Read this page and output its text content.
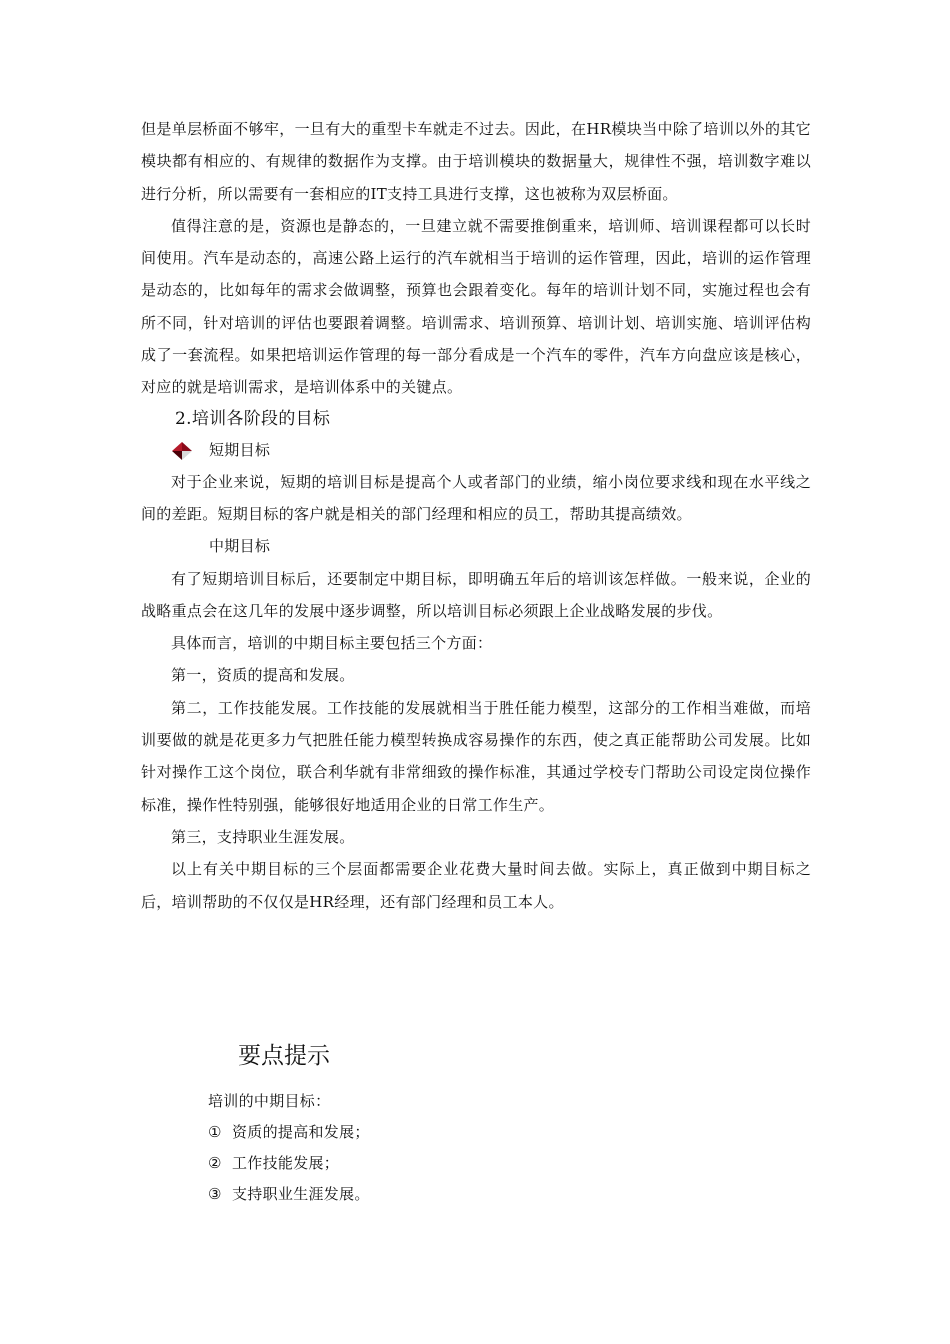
但是单层桥面不够牢，一旦有大的重型卡车就走不过去。因此，在HR模块当中除了培训以外的其它模块都有相应的、有规律的数据作为支撑。由于培训模块的数据量大，规律性不强，培训数字难以进行分析，所以需要有一套相应的IT支持工具进行支撑，这也被称为双层桥面。

值得注意的是，资源也是静态的，一旦建立就不需要推倒重来，培训师、培训课程都可以长时间使用。汽车是动态的，高速公路上运行的汽车就相当于培训的运作管理，因此，培训的运作管理是动态的，比如每年的需求会做调整，预算也会跟着变化。每年的培训计划不同，实施过程也会有所不同，针对培训的评估也要跟着调整。培训需求、培训预算、培训计划、培训实施、培训评估构成了一套流程。如果把培训运作管理的每一部分看成是一个汽车的零件，汽车方向盘应该是核心，对应的就是培训需求，是培训体系中的关键点。

2.培训各阶段的目标

短期目标

对于企业来说，短期的培训目标是提高个人或者部门的业绩，缩小岗位要求线和现在水平线之间的差距。短期目标的客户就是相关的部门经理和相应的员工，帮助其提高绩效。

中期目标

有了短期培训目标后，还要制定中期目标，即明确五年后的培训该怎样做。一般来说，企业的战略重点会在这几年的发展中逐步调整，所以培训目标必须跟上企业战略发展的步伐。

具体而言，培训的中期目标主要包括三个方面：

第一，资质的提高和发展。

第二，工作技能发展。工作技能的发展就相当于胜任能力模型，这部分的工作相当难做，而培训要做的就是花更多力气把胜任能力模型转换成容易操作的东西，使之真正能帮助公司发展。比如针对操作工这个岗位，联合利华就有非常细致的操作标准，其通过学校专门帮助公司设定岗位操作标准，操作性特别强，能够很好地适用企业的日常工作生产。

第三，支持职业生涯发展。

以上有关中期目标的三个层面都需要企业花费大量时间去做。实际上，真正做到中期目标之后，培训帮助的不仅仅是HR经理，还有部门经理和员工本人。

要点提示

培训的中期目标：

① 资质的提高和发展；

② 工作技能发展；

③ 支持职业生涯发展。
